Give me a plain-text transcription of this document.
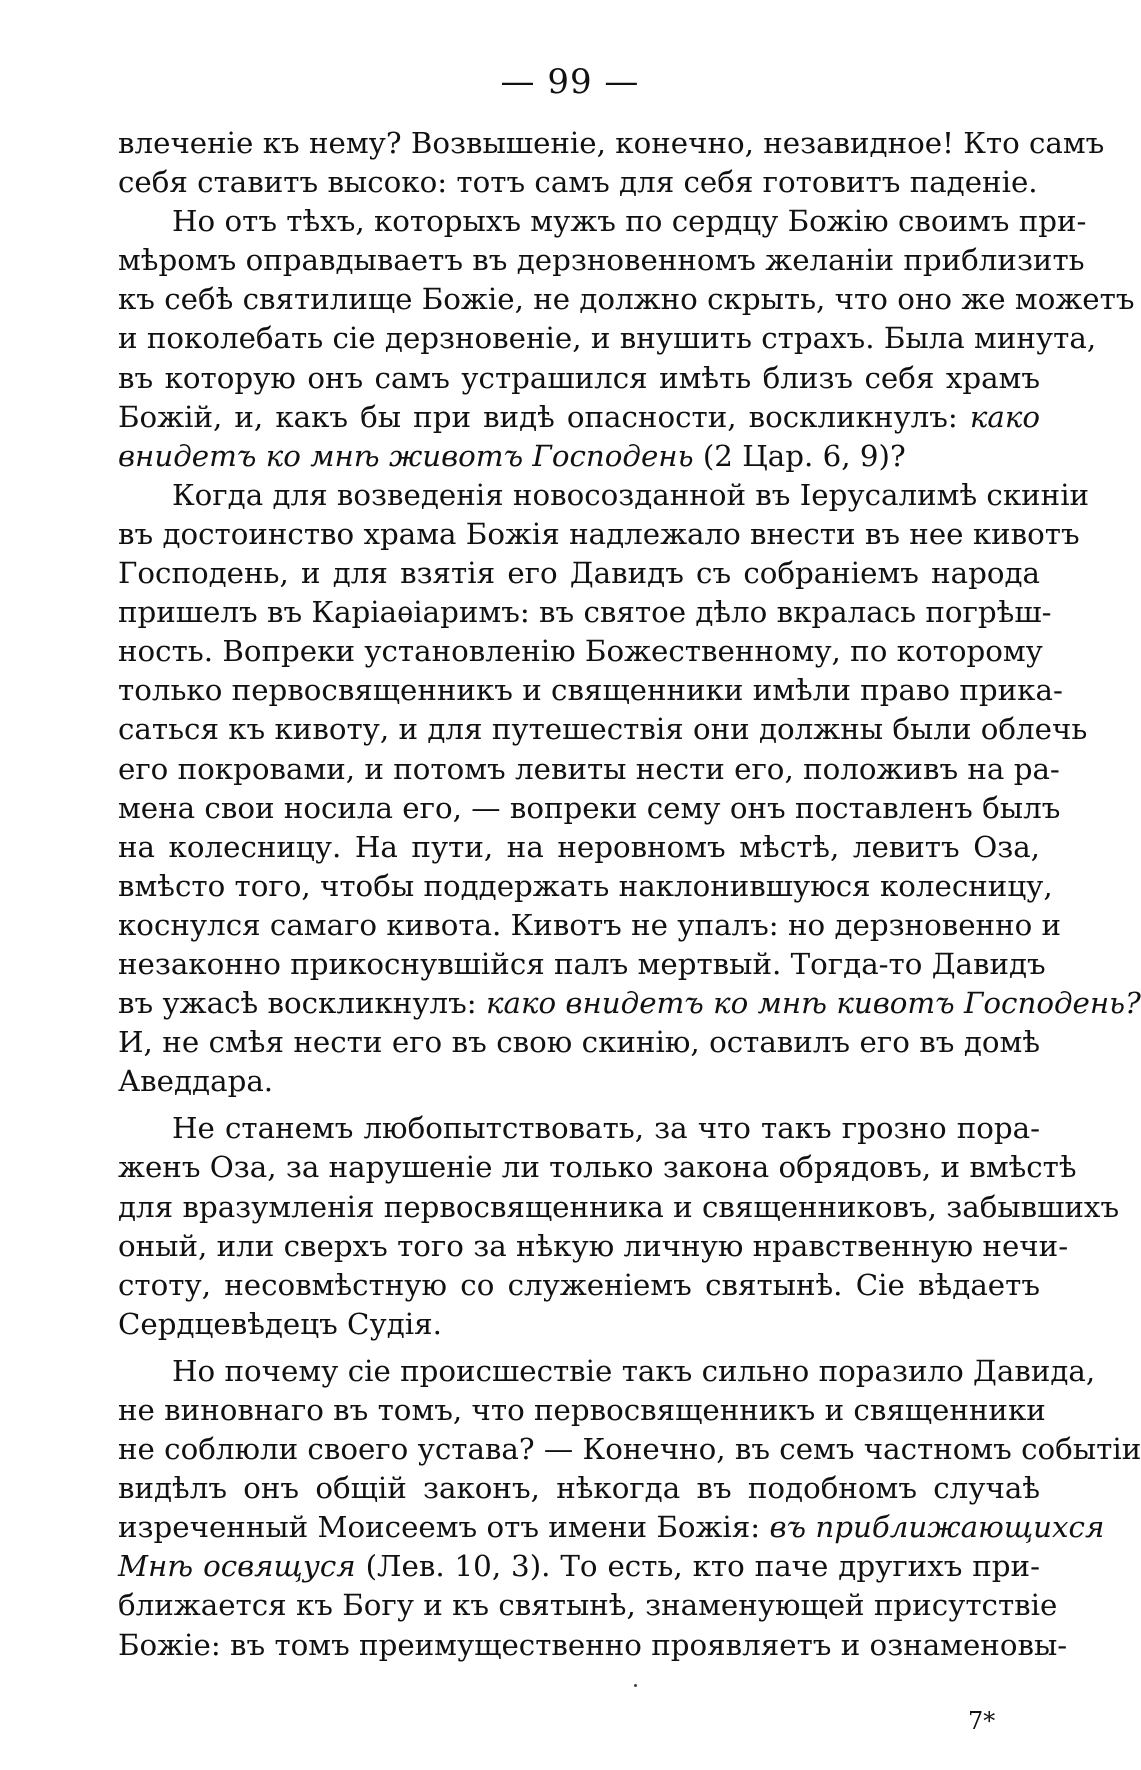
— 99 —
влеченіе къ нему? Возвышеніе, конечно, незавидное! Кто самъ
себя ставитъ высоко: тотъ самъ для себя готовитъ паденіе.
Но отъ тѣхъ, которыхъ мужъ по сердцу Божію своимъ при-
мѣромъ оправдываетъ въ дерзновенномъ желаніи приблизить
къ себѣ святилище Божіе, не должно скрыть, что оно же можетъ
и поколебать сіе дерзновеніе, и внушить страхъ. Была минута,
въ которую онъ самъ устрашился имѣть близъ себя храмъ
Божій, и, какъ бы при видѣ опасности, воскликнулъ: како
внидетъ ко мнѣ животъ Господень (2 Цар. 6, 9)?
Когда для возведенія новосозданной въ Іерусалимѣ скиніи
въ достоинство храма Божія надлежало внести въ нее кивотъ
Господень, и для взятія его Давидъ съ собраніемъ народа
пришелъ въ Каріаѳіаримъ: въ святое дѣло вкралась погрѣш-
ность. Вопреки установленію Божественному, по которому
только первосвященникъ и священники имѣли право прика-
саться къ кивоту, и для путешествія они должны были облечь
его покровами, и потомъ левиты нести его, положивъ на ра-
мена свои носила его, — вопреки сему онъ поставленъ былъ
на колесницу. На пути, на неровномъ мѣстѣ, левитъ Оза,
вмѣсто того, чтобы поддержать наклонившуюся колесницу,
коснулся самаго кивота. Кивотъ не упалъ: но дерзновенно и
незаконно прикоснувшійся палъ мертвый. Тогда-то Давидъ
въ ужасѣ воскликнулъ: како внидетъ ко мнѣ кивотъ Господень?
И, не смѣя нести его въ свою скинію, оставилъ его въ домѣ
Аведдара.
Не станемъ любопытствовать, за что такъ грозно пора-
женъ Оза, за нарушеніе ли только закона обрядовъ, и вмѣстѣ
для вразумленія первосвященника и священниковъ, забывшихъ
оный, или сверхъ того за нѣкую личную нравственную нечи-
стоту, несовмѣстную со служеніемъ святынѣ. Сіе вѣдаетъ
Сердцевѣдецъ Судія.
Но почему сіе происшествіе такъ сильно поразило Давида,
не виновнаго въ томъ, что первосвященникъ и священники
не соблюли своего устава? — Конечно, въ семъ частномъ событіи
видѣлъ онъ общій законъ, нѣкогда въ подобномъ случаѣ
изреченный Моисеемъ отъ имени Божія: въ приближающихся
Мнѣ освящуся (Лев. 10, 3). То есть, кто паче другихъ при-
ближается къ Богу и къ святынѣ, знаменующей присутствіе
Божіе: въ томъ преимущественно проявляетъ и ознаменовы-
7*
